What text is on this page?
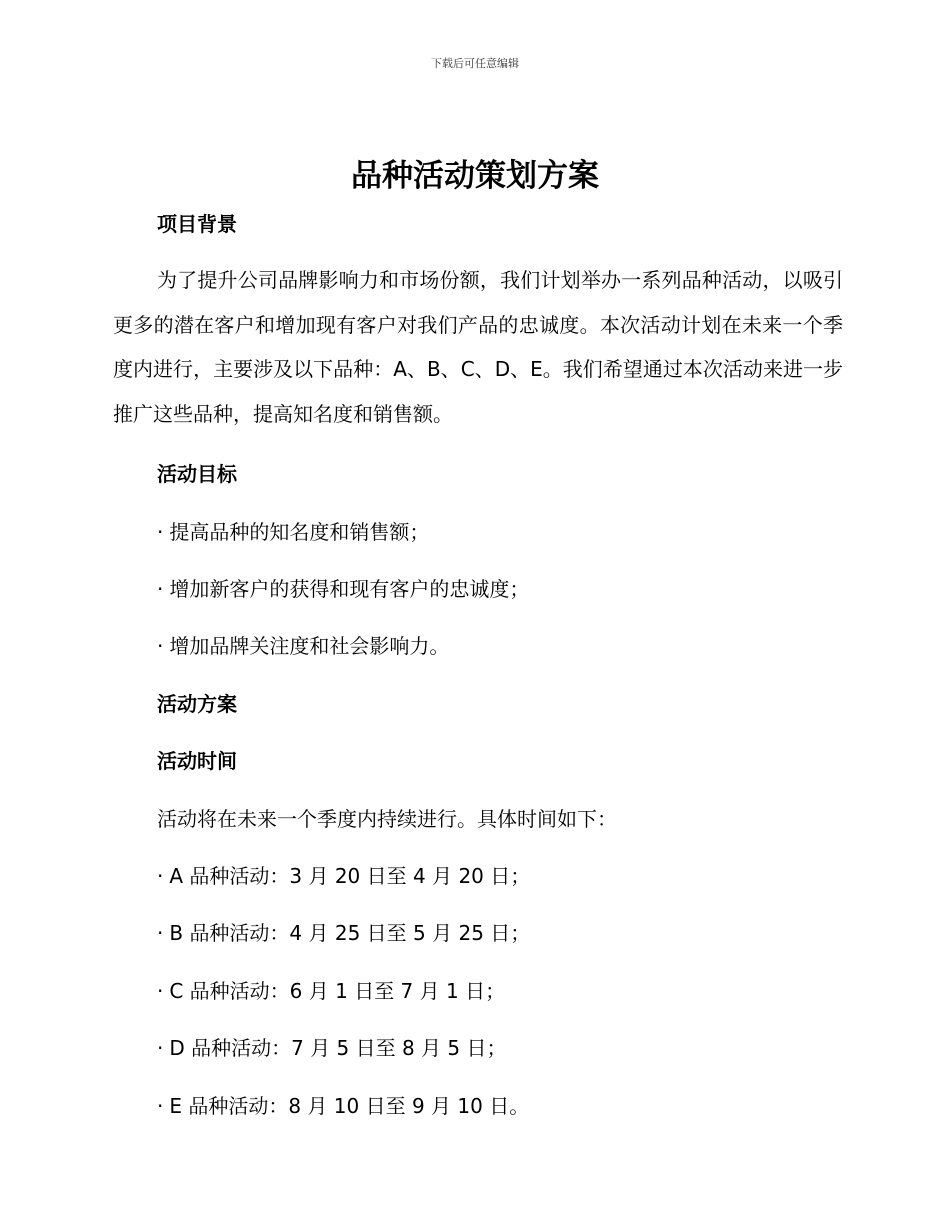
下载后可任意编辑
品种活动策划方案
项目背景
为了提升公司品牌影响力和市场份额，我们计划举办一系列品种活动，以吸引更多的潜在客户和增加现有客户对我们产品的忠诚度。本次活动计划在未来一个季度内进行，主要涉及以下品种：A、B、C、D、E。我们希望通过本次活动来进一步推广这些品种，提高知名度和销售额。
活动目标
· 提高品种的知名度和销售额；
· 增加新客户的获得和现有客户的忠诚度；
· 增加品牌关注度和社会影响力。
活动方案
活动时间
活动将在未来一个季度内持续进行。具体时间如下：
· A 品种活动：3 月 20 日至 4 月 20 日；
· B 品种活动：4 月 25 日至 5 月 25 日；
· C 品种活动：6 月 1 日至 7 月 1 日；
· D 品种活动：7 月 5 日至 8 月 5 日；
· E 品种活动：8 月 10 日至 9 月 10 日。
